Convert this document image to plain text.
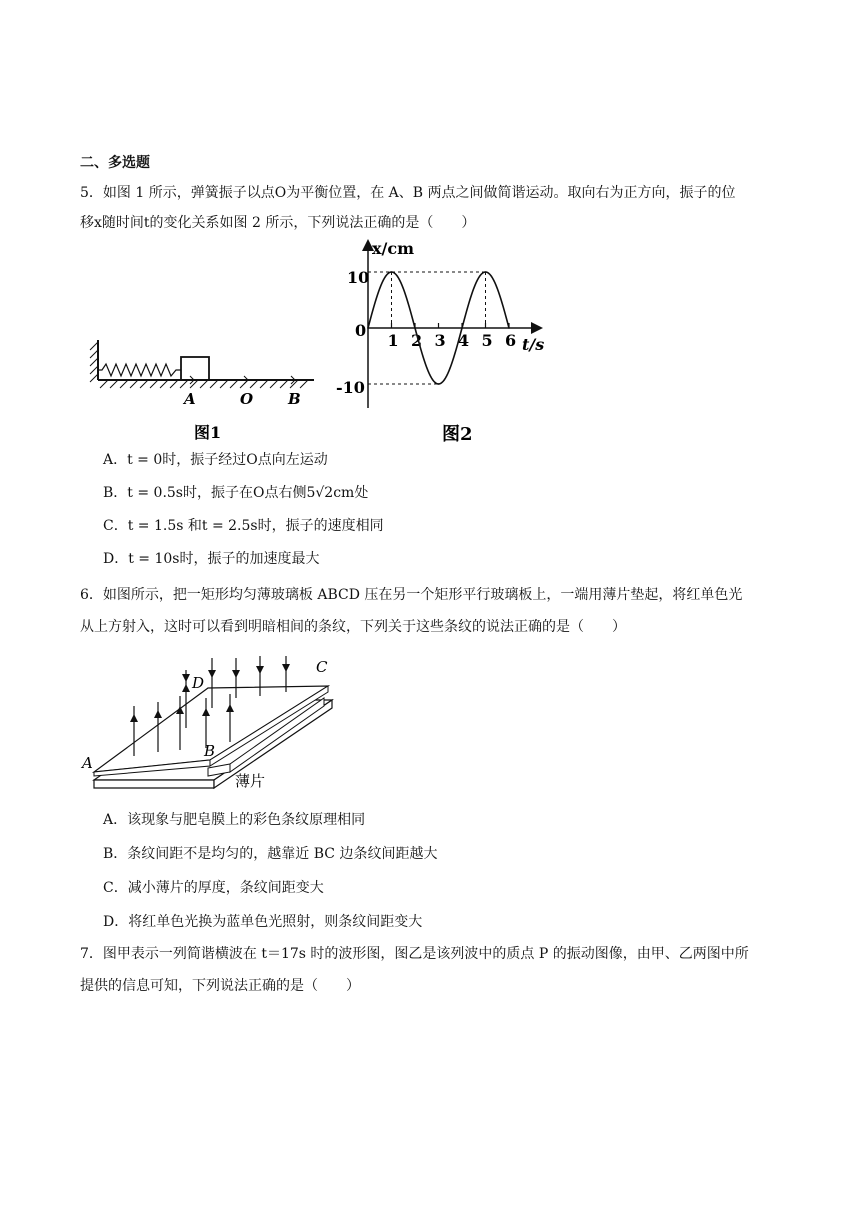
二、多选题
5．如图 1 所示，弹簧振子以点O为平衡位置，在 A、B 两点之间做简谐运动。取向右为正方向，振子的位
移x随时间t的变化关系如图 2 所示，下列说法正确的是（　　）
A	O B
图1
x/cm
t/s
0
10
-10
1 2 3 4 5 6
图2
A．t = 0时，振子经过O点向左运动
B．t = 0.5s时，振子在O点右侧5√2cm处
C．t = 1.5s 和t = 2.5s时，振子的速度相同
D．t = 10s时，振子的加速度最大
6．如图所示，把一矩形均匀薄玻璃板 ABCD 压在另一个矩形平行玻璃板上，一端用薄片垫起，将红单色光
从上方射入，这时可以看到明暗相间的条纹，下列关于这些条纹的说法正确的是（　　）
A
B
C
D
薄片
A．该现象与肥皂膜上的彩色条纹原理相同
B．条纹间距不是均匀的，越靠近 BC 边条纹间距越大
C．减小薄片的厚度，条纹间距变大
D．将红单色光换为蓝单色光照射，则条纹间距变大
7．图甲表示一列简谐横波在 t＝17s 时的波形图，图乙是该列波中的质点 P 的振动图像，由甲、乙两图中所
提供的信息可知，下列说法正确的是（　　）
